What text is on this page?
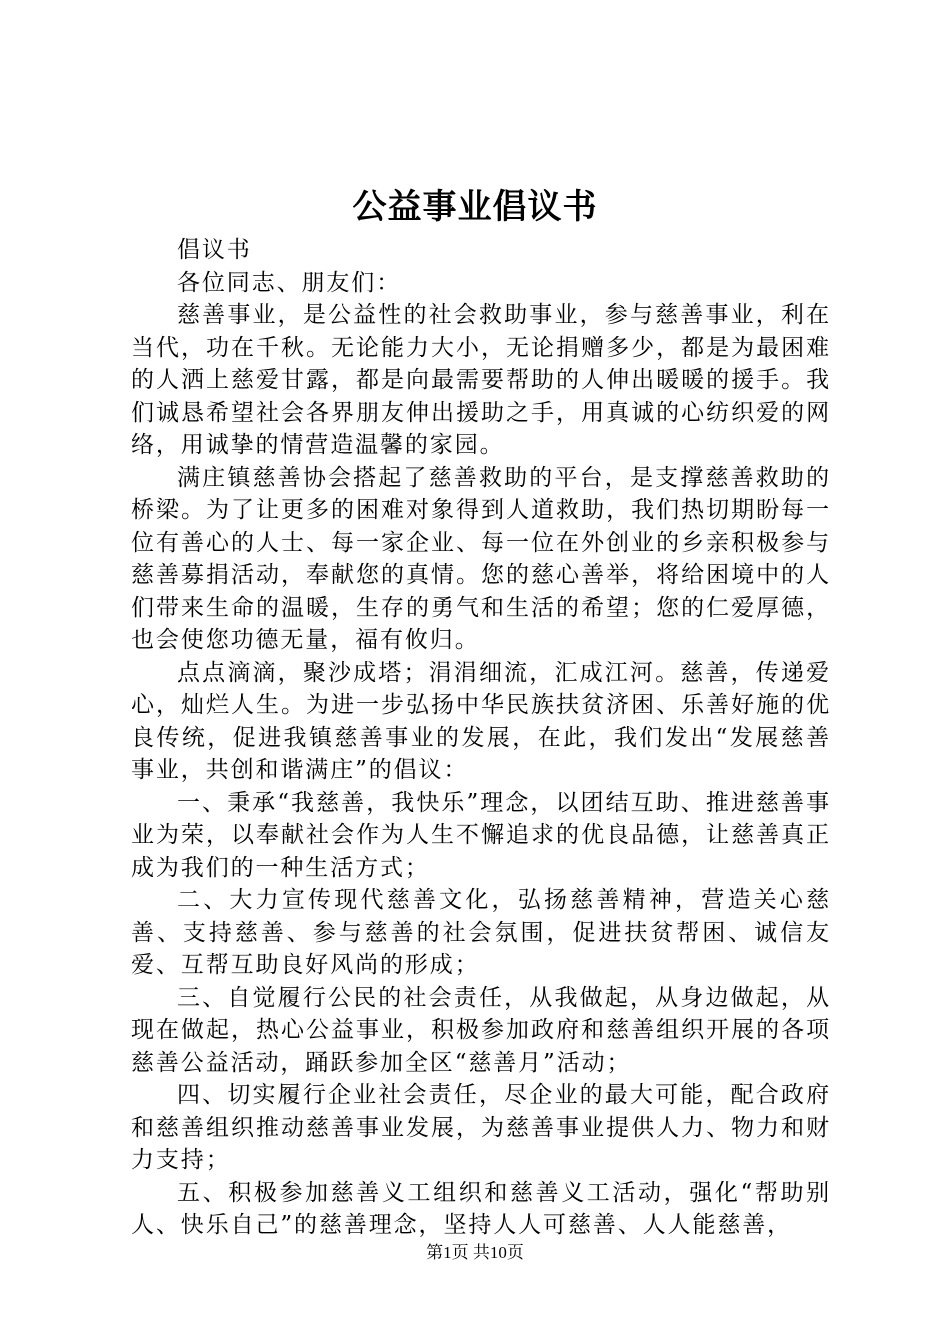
公益事业倡议书

倡议书

各位同志、朋友们：

慈善事业，是公益性的社会救助事业，参与慈善事业，利在当代，功在千秋。无论能力大小，无论捐赠多少，都是为最困难的人洒上慈爱甘露，都是向最需要帮助的人伸出暖暖的援手。我们诚恳希望社会各界朋友伸出援助之手，用真诚的心纺织爱的网络，用诚挚的情营造温馨的家园。

满庄镇慈善协会搭起了慈善救助的平台，是支撑慈善救助的桥梁。为了让更多的困难对象得到人道救助，我们热切期盼每一位有善心的人士、每一家企业、每一位在外创业的乡亲积极参与慈善募捐活动，奉献您的真情。您的慈心善举，将给困境中的人们带来生命的温暖，生存的勇气和生活的希望；您的仁爱厚德，也会使您功德无量，福有攸归。

点点滴滴，聚沙成塔；涓涓细流，汇成江河。慈善，传递爱心，灿烂人生。为进一步弘扬中华民族扶贫济困、乐善好施的优良传统，促进我镇慈善事业的发展，在此，我们发出“发展慈善事业，共创和谐满庄”的倡议：

一、秉承“我慈善，我快乐”理念，以团结互助、推进慈善事业为荣，以奉献社会作为人生不懈追求的优良品德，让慈善真正成为我们的一种生活方式；

二、大力宣传现代慈善文化，弘扬慈善精神，营造关心慈善、支持慈善、参与慈善的社会氛围，促进扶贫帮困、诚信友爱、互帮互助良好风尚的形成；

三、自觉履行公民的社会责任，从我做起，从身边做起，从现在做起，热心公益事业，积极参加政府和慈善组织开展的各项慈善公益活动，踊跃参加全区“慈善月”活动；

四、切实履行企业社会责任，尽企业的最大可能，配合政府和慈善组织推动慈善事业发展，为慈善事业提供人力、物力和财力支持；

五、积极参加慈善义工组织和慈善义工活动，强化“帮助别人、快乐自己”的慈善理念，坚持人人可慈善、人人能慈善，

第1页 共10页
